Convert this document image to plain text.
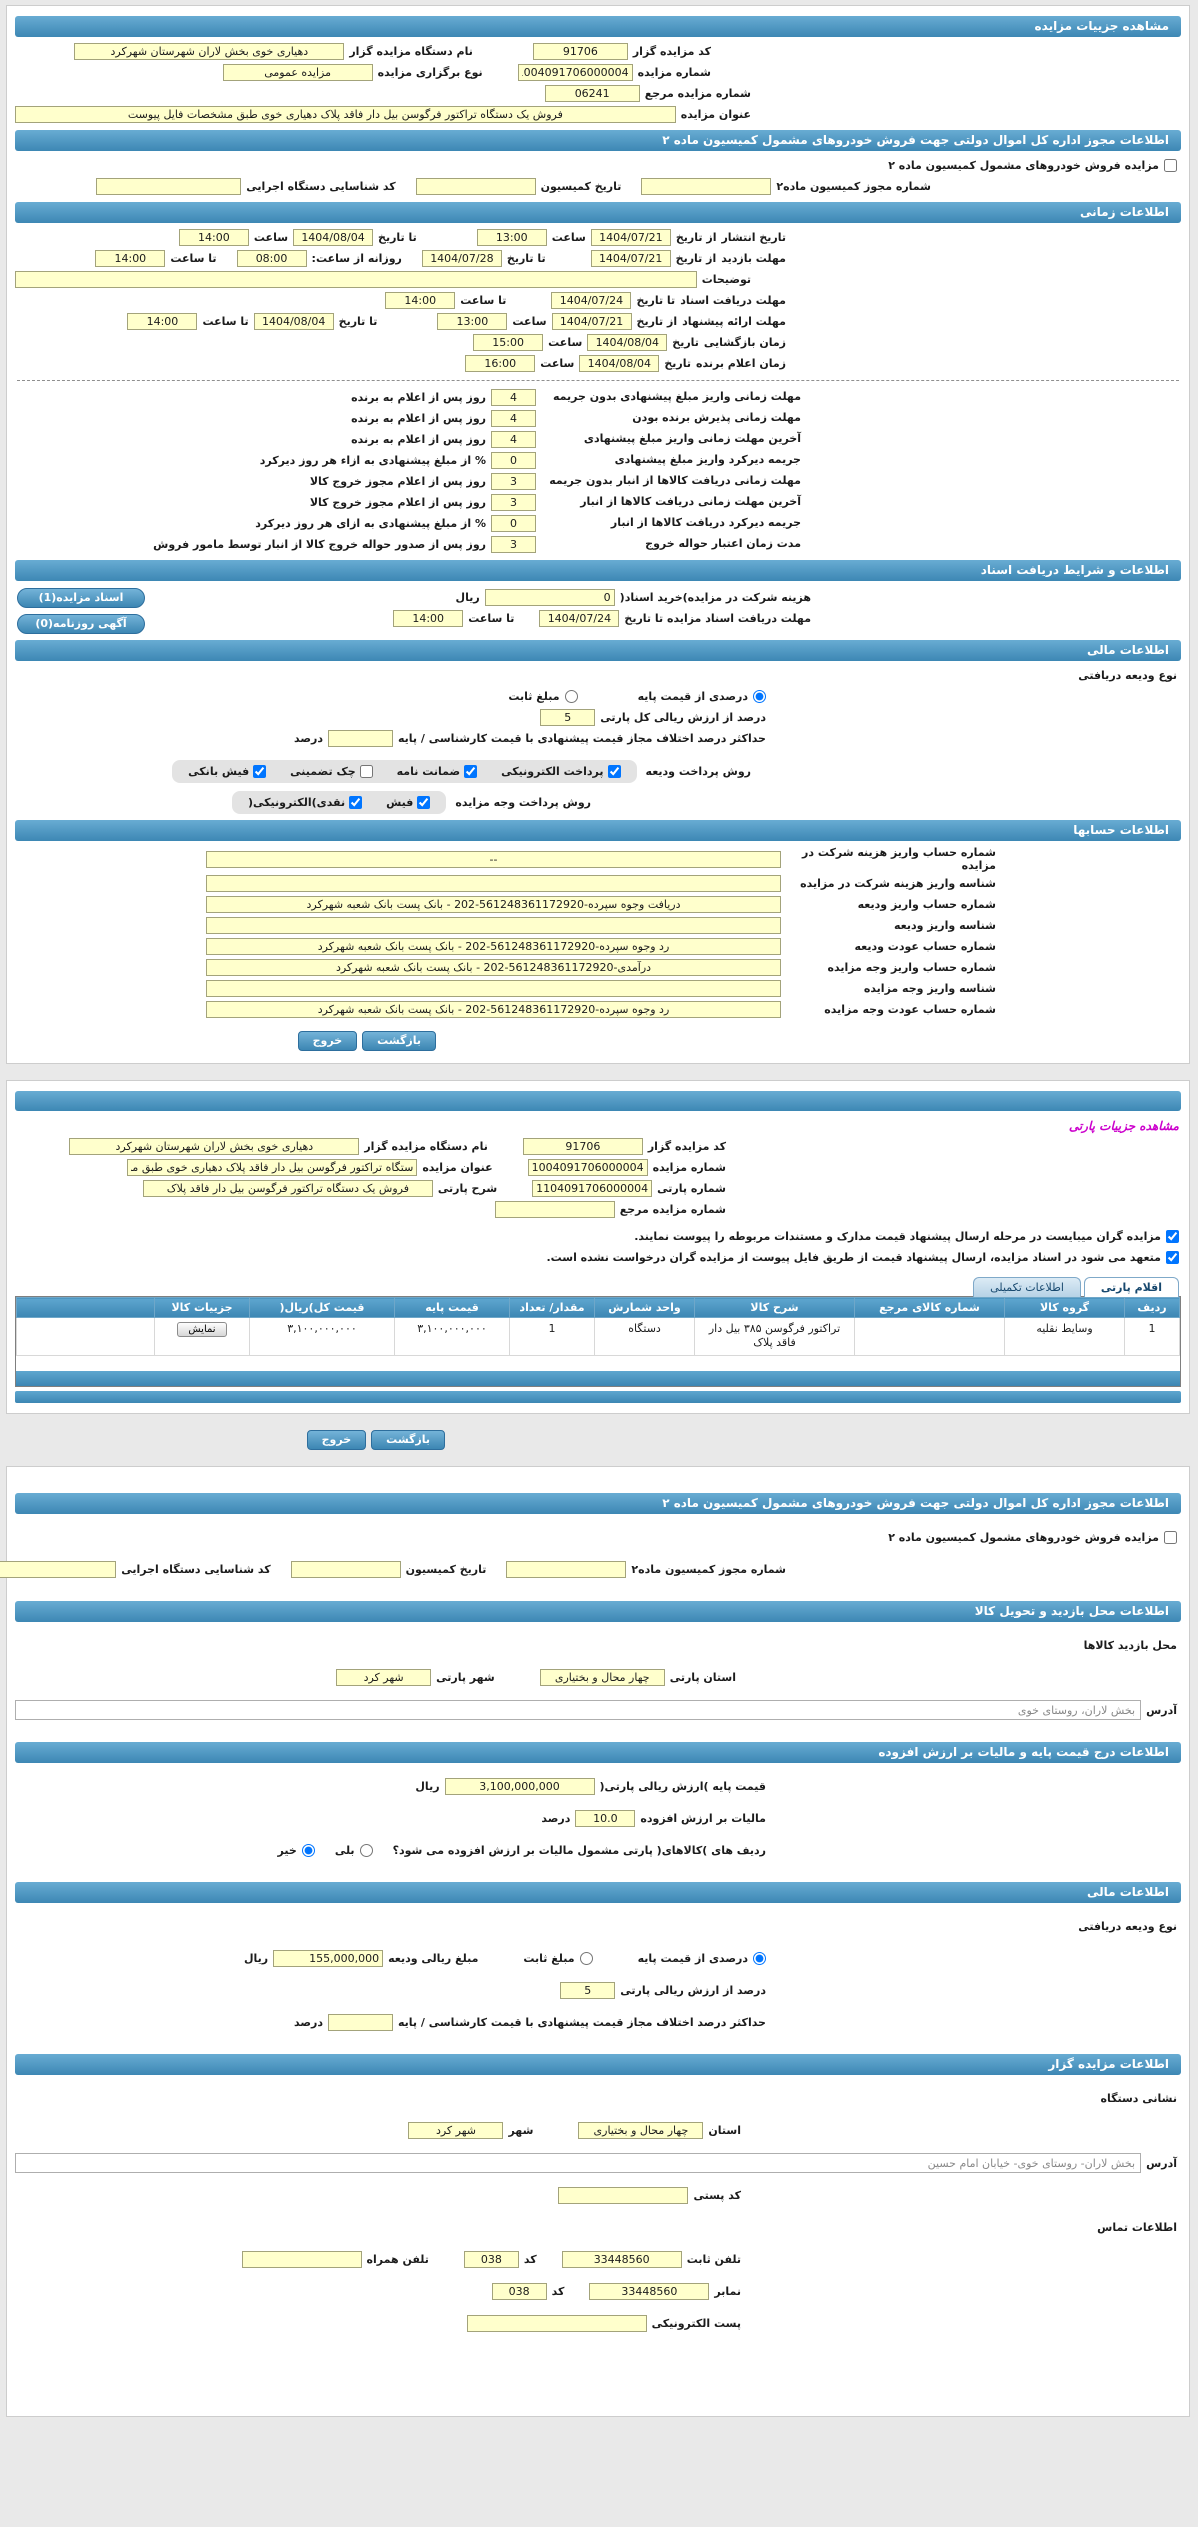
مشاهده جزییات مزایده
کد مزایده گزار
91706
نام دستگاه مزایده گزار
دهیاری خوی بخش لاران شهرستان شهرکرد
شماره مزایده
1004091706000004
نوع برگزاری مزایده
مزایده عمومی
شماره مزایده مرجع
06241
عنوان مزایده
فروش یک دستگاه تراکتور فرگوسن بیل دار فاقد پلاک دهیاری خوی طبق مشخصات فایل پیوست
اطلاعات مجوز اداره کل اموال دولتی جهت فروش خودروهای مشمول کمیسیون ماده ۲
مزایده فروش خودروهای مشمول کمیسیون ماده ۲
شماره مجوز کمیسیون ماده۲
تاریخ کمیسیون
کد شناسایی دستگاه اجرایی
اطلاعات زمانی
تاریخ انتشار
از تاریخ
1404/07/21
ساعت
13:00
تا تاریخ
1404/08/04
ساعت
14:00
مهلت بازدید
از تاریخ
1404/07/21
تا تاریخ
1404/07/28
روزانه از ساعت:
08:00
تا ساعت
14:00
توضیحات
مهلت دریافت اسناد
تا تاریخ
1404/07/24
تا ساعت
14:00
مهلت ارائه پیشنهاد
از تاریخ
1404/07/21
ساعت
13:00
تا تاریخ
1404/08/04
تا ساعت
14:00
زمان بازگشایی
تاریخ
1404/08/04
ساعت
15:00
زمان اعلام برنده
تاریخ
1404/08/04
ساعت
16:00
مهلت زمانی واریز مبلغ پیشنهادی بدون جریمه
4
روز پس از اعلام به برنده
مهلت زمانی پذیرش برنده بودن
4
روز پس از اعلام به برنده
آخرین مهلت زمانی واریز مبلغ پیشنهادی
4
روز پس از اعلام به برنده
جریمه دیرکرد واریز مبلغ پیشنهادی
0
% از مبلغ پیشنهادی به ازاء هر روز دیرکرد
مهلت زمانی دریافت کالاها از انبار بدون جریمه
3
روز پس از اعلام مجوز خروج کالا
آخرین مهلت زمانی دریافت کالاها از انبار
3
روز پس از اعلام مجوز خروج کالا
جریمه دیرکرد دریافت کالاها از انبار
0
% از مبلغ پیشنهادی به ازای هر روز دیرکرد
مدت زمان اعتبار حواله خروج
3
روز پس از صدور حواله خروج کالا از انبار توسط مامور فروش
اطلاعات و شرایط دریافت اسناد
هزینه شرکت در مزایده)خرید اسناد(
0
ریال
مهلت دریافت اسناد مزایده تا تاریخ
1404/07/24
تا ساعت
14:00
اسناد مزایده(1)
آگهی روزنامه(0)
اطلاعات مالی
نوع ودیعه دریافتی
درصدی از قیمت پایه
مبلغ ثابت
درصد از ارزش ریالی کل پارتی
5
حداکثر درصد اختلاف مجاز قیمت پیشنهادی با قیمت کارشناسی / پایه
درصد
روش پرداخت ودیعه
پرداخت الکترونیکی
ضمانت نامه
چک تضمینی
فیش بانکی
روش پرداخت وجه مزایده
فیش
نقدی)الکترونیکی(
اطلاعات حسابها
شماره حساب واریز هزینه شرکت در مزایده
--
شناسه واریز هزینه شرکت در مزایده
شماره حساب واریز ودیعه
دریافت وجوه سپرده-561248361172920-202 - بانک پست بانک شعبه شهرکرد
شناسه واریز ودیعه
شماره حساب عودت ودیعه
رد وجوه سپرده-561248361172920-202 - بانک پست بانک شعبه شهرکرد
شماره حساب واریز وجه مزایده
درآمدی-561248361172920-202 - بانک پست بانک شعبه شهرکرد
شناسه واریز وجه مزایده
شماره حساب عودت وجه مزایده
رد وجوه سپرده-561248361172920-202 - بانک پست بانک شعبه شهرکرد
بازگشت
خروج
مشاهده جزییات پارتی
کد مزایده گزار
91706
نام دستگاه مزایده گزار
دهیاری خوی بخش لاران شهرستان شهرکرد
شماره مزایده
1004091706000004
عنوان مزایده
ستگاه تراکتور فرگوسن بیل دار فاقد پلاک دهیاری خوی طبق مشخصات
شماره پارتی
1104091706000004
شرح پارتی
فروش یک دستگاه تراکتور فرگوسن بیل دار فاقد پلاک
شماره مزایده مرجع
مزایده گران میبایست در مرحله ارسال پیشنهاد قیمت مدارک و مستندات مربوطه را پیوست نمایند.
متعهد می شود در اسناد مزایده، ارسال پیشنهاد قیمت از طریق فایل پیوست از مزایده گران درخواست نشده است.
اقلام پارتی
اطلاعات تکمیلی
ردیف	گروه کالا	شماره کالای مرجع	شرح کالا	واحد شمارش	مقدار/ تعداد	قیمت پایه	قیمت کل)ریال(	جزییات کالا	
1	وسایط نقلیه		تراکتور فرگوسن ۳۸۵ بیل دار فاقد پلاک	دستگاه	1	۳,۱۰۰,۰۰۰,۰۰۰	۳,۱۰۰,۰۰۰,۰۰۰	نمایش	

بازگشت
خروج
اطلاعات مجوز اداره کل اموال دولتی جهت فروش خودروهای مشمول کمیسیون ماده ۲
مزایده فروش خودروهای مشمول کمیسیون ماده ۲
شماره مجوز کمیسیون ماده۲
تاریخ کمیسیون
کد شناسایی دستگاه اجرایی
اطلاعات محل بازدید و تحویل کالا
محل بازدید کالاها
استان پارتی
چهار محال و بختیاری
شهر پارتی
شهر کرد
آدرس
بخش لاران، روستای خوی
اطلاعات درج قیمت پایه و مالیات بر ارزش افزوده
قیمت پایه )ارزش ریالی پارتی(
3,100,000,000
ریال
مالیات بر ارزش افزوده
10.0
درصد
ردیف های )کالاهای( پارتی مشمول مالیات بر ارزش افزوده می شود؟
بلی
خیر
اطلاعات مالی
نوع ودیعه دریافتی
درصدی از قیمت پایه
مبلغ ثابت
مبلغ ریالی ودیعه
155,000,000
ریال
درصد از ارزش ریالی پارتی
5
حداکثر درصد اختلاف مجاز قیمت پیشنهادی با قیمت کارشناسی / پایه
درصد
اطلاعات مزایده گزار
نشانی دستگاه
استان
چهار محال و بختیاری
شهر
شهر کرد
آدرس
بخش لاران- روستای خوی- خیابان امام حسین
کد پستی
اطلاعات تماس
تلفن ثابت
33448560
کد
038
تلفن همراه
نمابر
33448560
کد
038
پست الکترونیکی
